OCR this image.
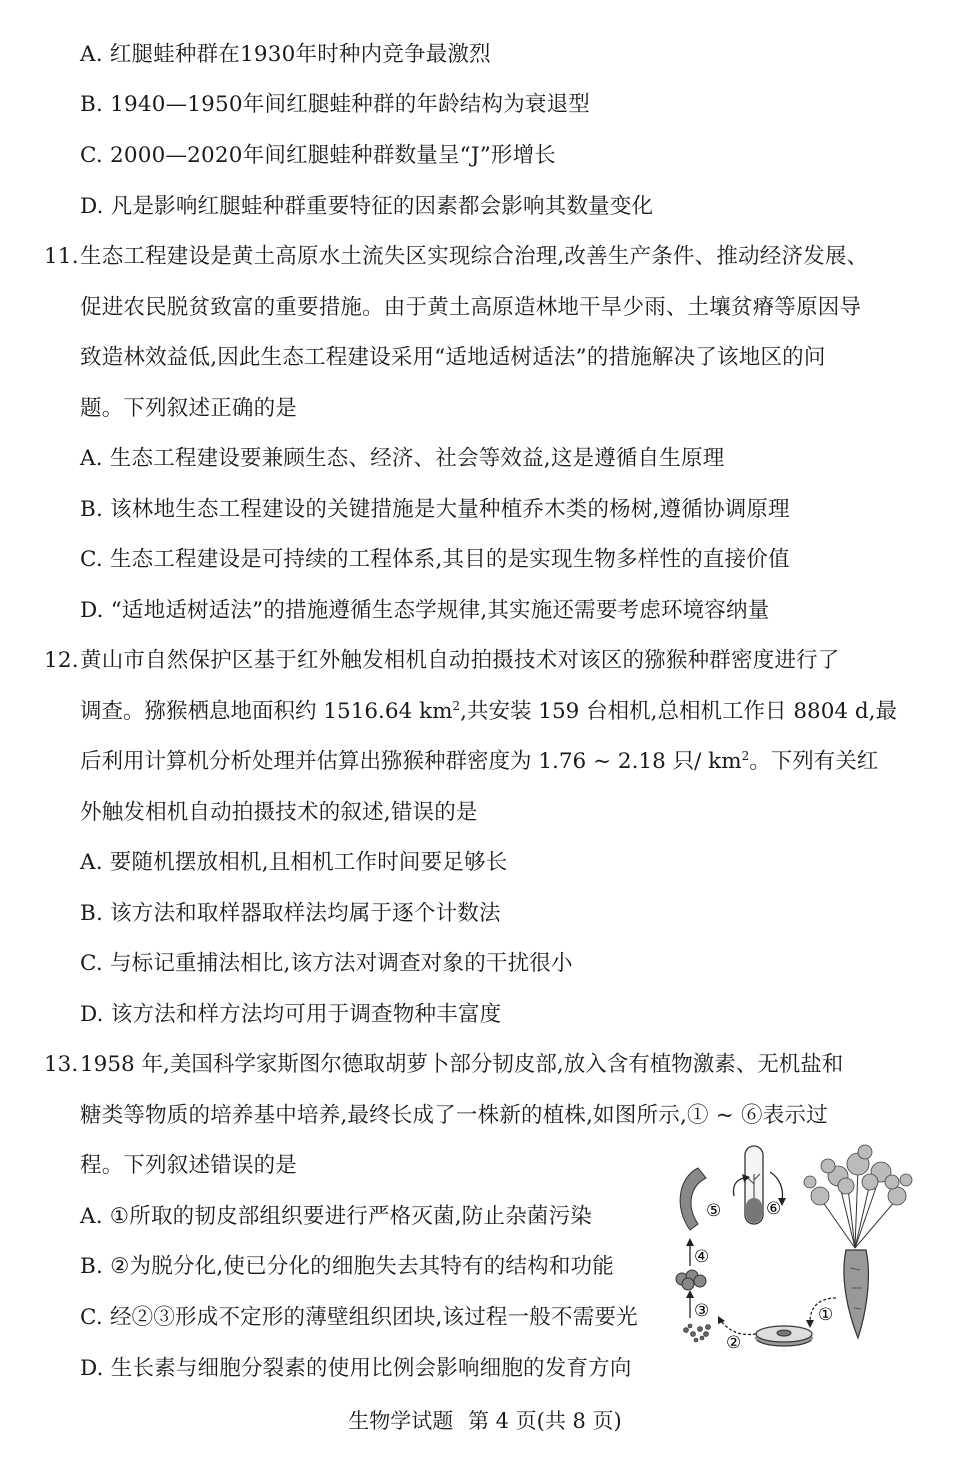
A. 红腿蛙种群在1930年时种内竞争最激烈
B. 1940—1950年间红腿蛙种群的年龄结构为衰退型
C. 2000—2020年间红腿蛙种群数量呈“J”形增长
D. 凡是影响红腿蛙种群重要特征的因素都会影响其数量变化
11.生态工程建设是黄土高原水土流失区实现综合治理,改善生产条件、推动经济发展、
促进农民脱贫致富的重要措施。由于黄土高原造林地干旱少雨、土壤贫瘠等原因导
致造林效益低,因此生态工程建设采用“适地适树适法”的措施解决了该地区的问
题。下列叙述正确的是
A. 生态工程建设要兼顾生态、经济、社会等效益,这是遵循自生原理
B. 该林地生态工程建设的关键措施是大量种植乔木类的杨树,遵循协调原理
C. 生态工程建设是可持续的工程体系,其目的是实现生物多样性的直接价值
D. “适地适树适法”的措施遵循生态学规律,其实施还需要考虑环境容纳量
12.黄山市自然保护区基于红外触发相机自动拍摄技术对该区的猕猴种群密度进行了
调查。猕猴栖息地面积约 1516.64 $km^2$,共安装 159 台相机,总相机工作日 8804 d,最
后利用计算机分析处理并估算出猕猴种群密度为 1.76 ~ 2.18 只/ $km^2$。下列有关红
外触发相机自动拍摄技术的叙述,错误的是
A. 要随机摆放相机,且相机工作时间要足够长
B. 该方法和取样器取样法均属于逐个计数法
C. 与标记重捕法相比,该方法对调查对象的干扰很小
D. 该方法和样方法均可用于调查物种丰富度
13.1958 年,美国科学家斯图尔德取胡萝卜部分韧皮部,放入含有植物激素、无机盐和
糖类等物质的培养基中培养,最终长成了一株新的植株,如图所示,① ~ ⑥表示过
程。下列叙述错误的是
A. ①所取的韧皮部组织要进行严格灭菌,防止杂菌污染
B. ②为脱分化,使已分化的细胞失去其特有的结构和功能
C. 经②③形成不定形的薄壁组织团块,该过程一般不需要光
D. 生长素与细胞分裂素的使用比例会影响细胞的发育方向
①
②
③
④
⑤	⑥
生物学试题 第 4 页(共 8 页)
